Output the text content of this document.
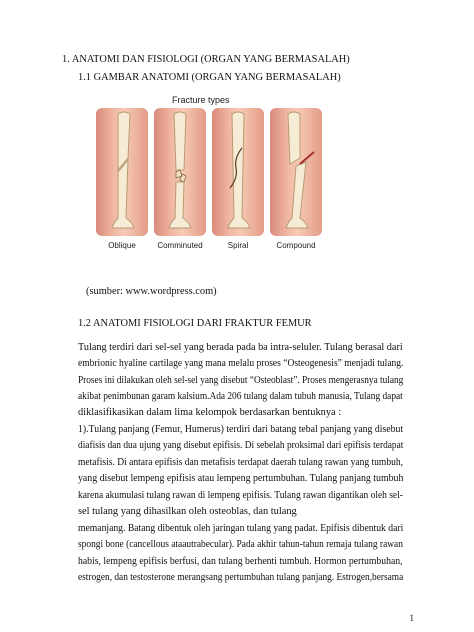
1. ANATOMI DAN FISIOLOGI (ORGAN YANG BERMASALAH)
1.1 GAMBAR ANATOMI (ORGAN YANG BERMASALAH)
Fracture types
Oblique	Comminuted	Spiral	Compound
(sumber: www.wordpress.com)
1.2 ANATOMI FISIOLOGI DARI FRAKTUR FEMUR
Tulang terdiri dari sel-sel yang berada pada ba intra-seluler. Tulang berasal dari
embrionic hyaline cartilage yang mana melalu proses “Osteogenesis” menjadi tulang.
Proses ini dilakukan oleh sel-sel yang disebut “Osteoblast”. Proses mengerasnya tulang
akibat penimbunan garam kalsium.Ada 206 tulang dalam tubuh manusia, Tulang dapat
diklasifikasikan dalam lima kelompok berdasarkan bentuknya :
1).Tulang panjang (Femur, Humerus) terdiri dari batang tebal panjang yang disebut
diafisis dan dua ujung yang disebut epifisis. Di sebelah proksimal dari epifisis terdapat
metafisis. Di antara epifisis dan metafisis terdapat daerah tulang rawan yang tumbuh,
yang disebut lempeng epifisis atau lempeng pertumbuhan. Tulang panjang tumbuh
karena akumulasi tulang rawan di lempeng epifisis. Tulang rawan digantikan oleh sel-
sel tulang yang dihasilkan oleh osteoblas, dan tulang
memanjang. Batang dibentuk oleh jaringan tulang yang padat. Epifisis dibentuk dari
spongi bone (cancellous ataautrabecular). Pada akhir tahun-tahun remaja tulang rawan
habis, lempeng epifisis berfusi, dan tulang berhenti tumbuh. Hormon pertumbuhan,
estrogen, dan testosterone merangsang pertumbuhan tulang panjang. Estrogen,bersama
1
